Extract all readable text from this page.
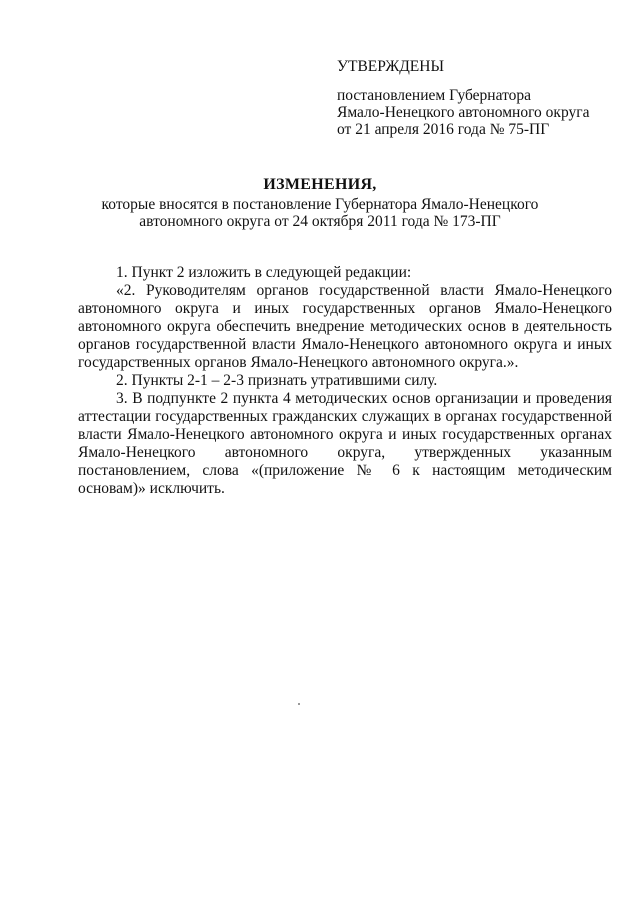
УТВЕРЖДЕНЫ
постановлением Губернатора
Ямало-Ненецкого автономного округа
от 21 апреля 2016 года № 75-ПГ
ИЗМЕНЕНИЯ,
которые вносятся в постановление Губернатора Ямало-Ненецкого
автономного округа от 24 октября 2011 года № 173-ПГ

1. Пункт 2 изложить в следующей редакции:

«2. Руководителям органов государственной власти Ямало-Ненецкого автономного округа и иных государственных органов Ямало-Ненецкого автономного округа обеспечить внедрение методических основ в деятельность органов государственной власти Ямало-Ненецкого автономного округа и иных государственных органов Ямало-Ненецкого автономного округа.».

2. Пункты 2-1 – 2-3 признать утратившими силу.

3. В подпункте 2 пункта 4 методических основ организации и проведения аттестации государственных гражданских служащих в органах государственной власти Ямало-Ненецкого автономного округа и иных государственных органах Ямало-Ненецкого автономного округа, утвержденных указанным постановлением, слова «(приложение № 6 к настоящим методическим основам)» исключить.
